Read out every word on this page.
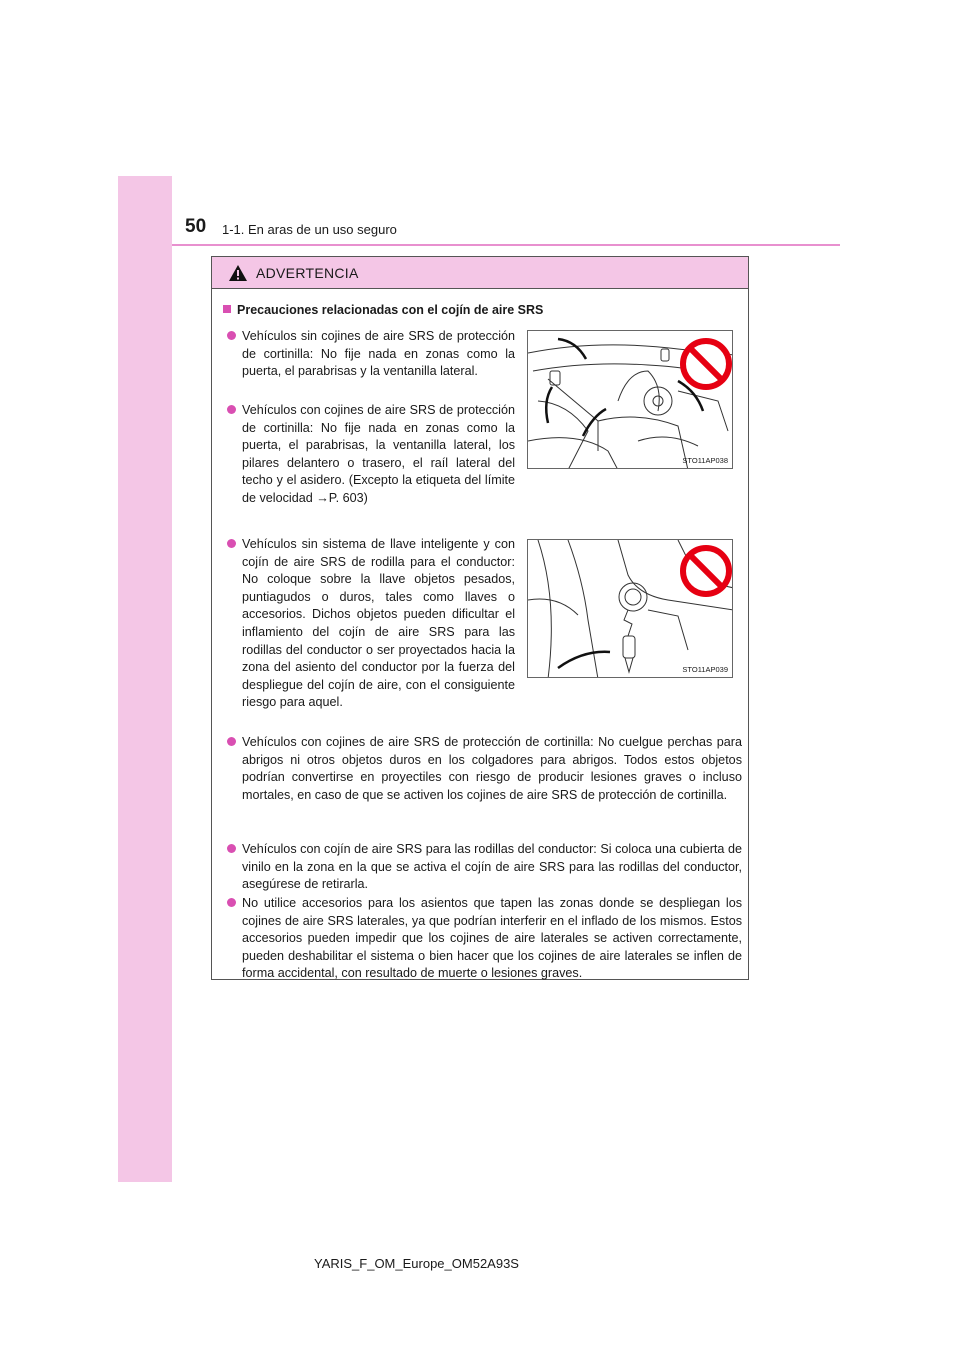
50 1-1. En aras de un uso seguro
ADVERTENCIA
Precauciones relacionadas con el cojín de aire SRS
Vehículos sin cojines de aire SRS de protección de cortinilla: No fije nada en zonas como la puerta, el parabrisas y la ventanilla lateral.
Vehículos con cojines de aire SRS de protección de cortinilla: No fije nada en zonas como la puerta, el parabrisas, la ventanilla lateral, los pilares delantero o trasero, el raíl lateral del techo y el asidero. (Excepto la etiqueta del límite de velocidad →P. 603)
Vehículos sin sistema de llave inteligente y con cojín de aire SRS de rodilla para el conductor: No coloque sobre la llave objetos pesados, puntiagudos o duros, tales como llaves o accesorios. Dichos objetos pueden dificultar el inflamiento del cojín de aire SRS para las rodillas del conductor o ser proyectados hacia la zona del asiento del conductor por la fuerza del despliegue del cojín de aire, con el consiguiente riesgo para aquel.
Vehículos con cojines de aire SRS de protección de cortinilla: No cuelgue perchas para abrigos ni otros objetos duros en los colgadores para abrigos. Todos estos objetos podrían convertirse en proyectiles con riesgo de producir lesiones graves o incluso mortales, en caso de que se activen los cojines de aire SRS de protección de cortinilla.
Vehículos con cojín de aire SRS para las rodillas del conductor: Si coloca una cubierta de vinilo en la zona en la que se activa el cojín de aire SRS para las rodillas del conductor, asegúrese de retirarla.
No utilice accesorios para los asientos que tapen las zonas donde se despliegan los cojines de aire SRS laterales, ya que podrían interferir en el inflado de los mismos. Estos accesorios pueden impedir que los cojines de aire laterales se activen correctamente, pueden deshabilitar el sistema o bien hacer que los cojines de aire laterales se inflen de forma accidental, con resultado de muerte o lesiones graves.
STO11AP038
STO11AP039
YARIS_F_OM_Europe_OM52A93S
